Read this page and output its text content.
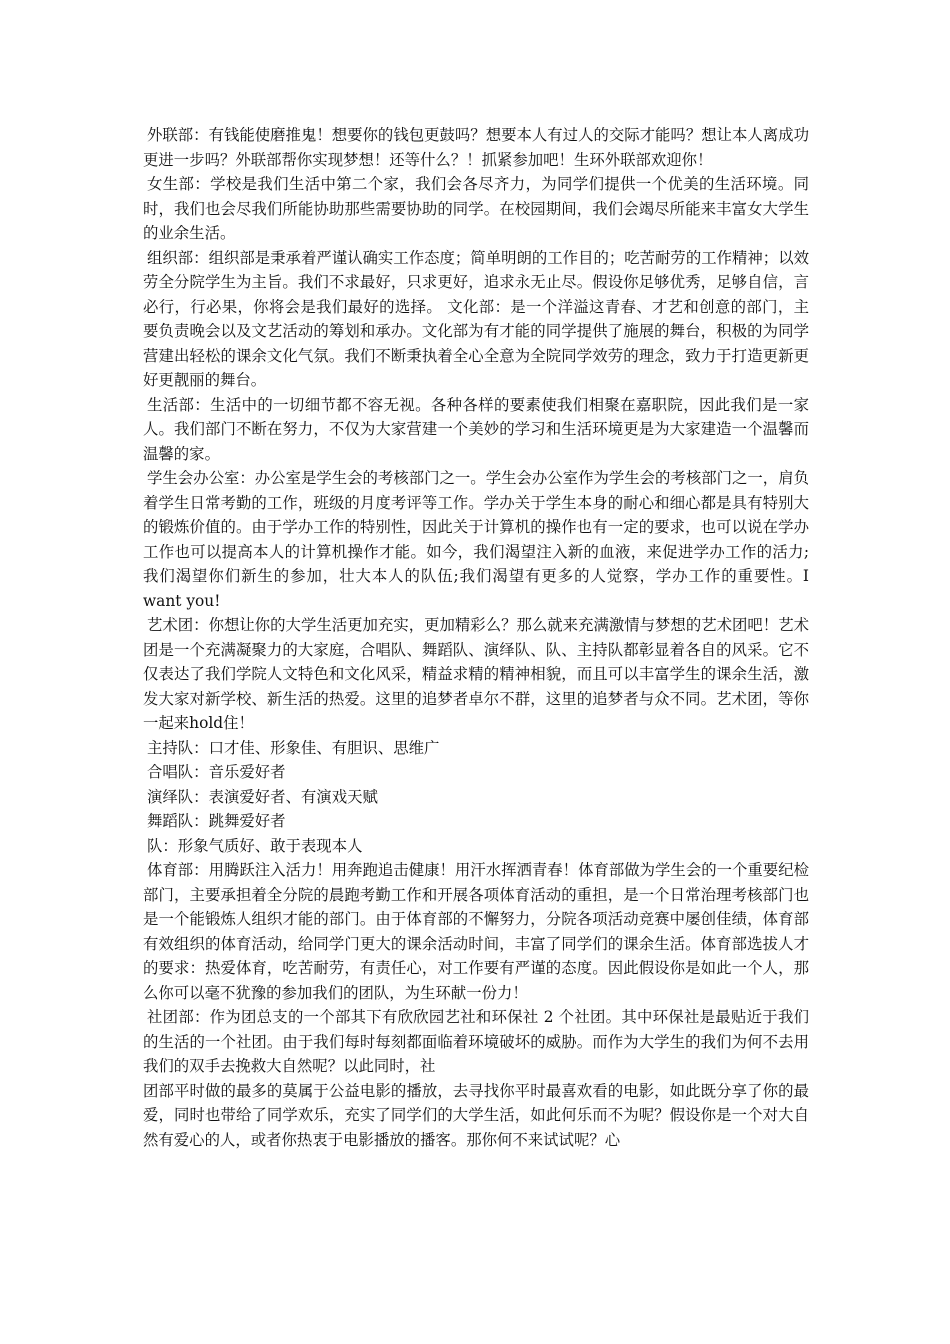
外联部：有钱能使磨推鬼！想要你的钱包更鼓吗？想要本人有过人的交际才能吗？想让本人离成功更进一步吗？外联部帮你实现梦想！还等什么？！抓紧参加吧！生环外联部欢迎你！

女生部：学校是我们生活中第二个家，我们会各尽齐力，为同学们提供一个优美的生活环境。同时，我们也会尽我们所能协助那些需要协助的同学。在校园期间，我们会竭尽所能来丰富女大学生的业余生活。

组织部：组织部是秉承着严谨认确实工作态度；简单明朗的工作目的；吃苦耐劳的工作精神；以效劳全分院学生为主旨。我们不求最好，只求更好，追求永无止尽。假设你足够优秀，足够自信，言必行，行必果，你将会是我们最好的选择。 文化部：是一个洋溢这青春、才艺和创意的部门，主要负责晚会以及文艺活动的筹划和承办。文化部为有才能的同学提供了施展的舞台，积极的为同学营建出轻松的课余文化气氛。我们不断秉执着全心全意为全院同学效劳的理念，致力于打造更新更好更靓丽的舞台。

生活部：生活中的一切细节都不容无视。各种各样的要素使我们相聚在嘉职院，因此我们是一家人。我们部门不断在努力，不仅为大家营建一个美妙的学习和生活环境更是为大家建造一个温馨而温馨的家。

学生会办公室：办公室是学生会的考核部门之一。学生会办公室作为学生会的考核部门之一，肩负着学生日常考勤的工作，班级的月度考评等工作。学办关于学生本身的耐心和细心都是具有特别大的锻炼价值的。由于学办工作的特别性，因此关于计算机的操作也有一定的要求，也可以说在学办工作也可以提高本人的计算机操作才能。如今，我们渴望注入新的血液，来促进学办工作的活力;我们渴望你们新生的参加，壮大本人的队伍;我们渴望有更多的人觉察，学办工作的重要性。I want you!

艺术团：你想让你的大学生活更加充实，更加精彩么？那么就来充满激情与梦想的艺术团吧！艺术团是一个充满凝聚力的大家庭，合唱队、舞蹈队、演绎队、队、主持队都彰显着各自的风采。它不仅表达了我们学院人文特色和文化风采，精益求精的精神相貌，而且可以丰富学生的课余生活，激发大家对新学校、新生活的热爱。这里的追梦者卓尔不群，这里的追梦者与众不同。艺术团，等你一起来hold住！

主持队：口才佳、形象佳、有胆识、思维广

合唱队：音乐爱好者

演绎队：表演爱好者、有演戏天赋

舞蹈队：跳舞爱好者

队：形象气质好、敢于表现本人

体育部：用腾跃注入活力！用奔跑追击健康！用汗水挥洒青春！体育部做为学生会的一个重要纪检部门，主要承担着全分院的晨跑考勤工作和开展各项体育活动的重担，是一个日常治理考核部门也是一个能锻炼人组织才能的部门。由于体育部的不懈努力，分院各项活动竞赛中屡创佳绩，体育部有效组织的体育活动，给同学门更大的课余活动时间，丰富了同学们的课余生活。体育部选拔人才的要求：热爱体育，吃苦耐劳，有责任心，对工作要有严谨的态度。因此假设你是如此一个人，那么你可以毫不犹豫的参加我们的团队，为生环献一份力！

社团部：作为团总支的一个部其下有欣欣园艺社和环保社 2 个社团。其中环保社是最贴近于我们的生活的一个社团。由于我们每时每刻都面临着环境破坏的威胁。而作为大学生的我们为何不去用我们的双手去挽救大自然呢？以此同时，社

团部平时做的最多的莫属于公益电影的播放，去寻找你平时最喜欢看的电影，如此既分享了你的最爱，同时也带给了同学欢乐，充实了同学们的大学生活，如此何乐而不为呢？假设你是一个对大自然有爱心的人，或者你热衷于电影播放的播客。那你何不来试试呢？心
